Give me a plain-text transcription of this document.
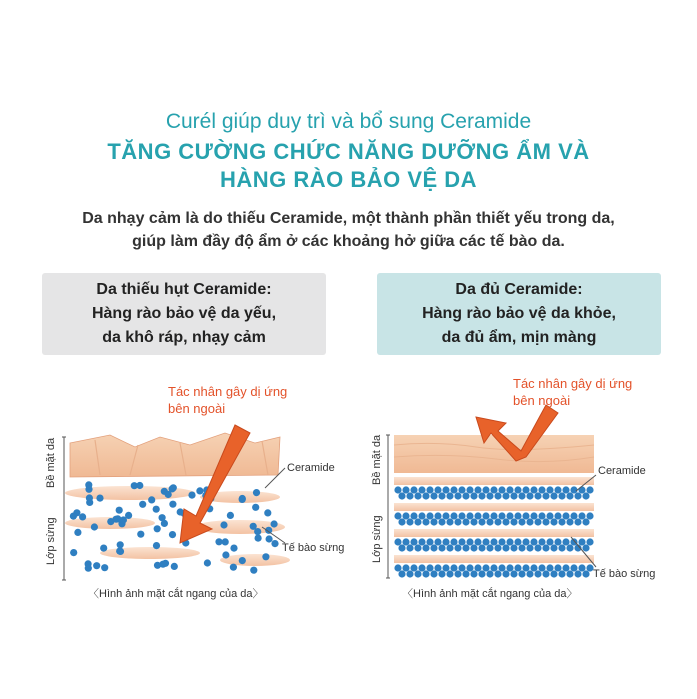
Curél giúp duy trì và bổ sung Ceramide
TĂNG CƯỜNG CHỨC NĂNG DƯỠNG ẨM VÀ
HÀNG RÀO BẢO VỆ DA
Da nhạy cảm là do thiếu Ceramide, một thành phần thiết yếu trong da,
giúp làm đầy độ ẩm ở các khoảng hở giữa các tế bào da.
Da thiếu hụt Ceramide:
Hàng rào bảo vệ da yếu,
da khô ráp, nhạy cảm
Da đủ Ceramide:
Hàng rào bảo vệ da khỏe,
da đủ ẩm, mịn màng
Tác nhân gây dị ứng
bên ngoài
Tác nhân gây dị ứng
bên ngoài
Bề mặt da
Lớp sừng
Ceramide
Tế bào sừng
〈Hình ảnh mặt cắt ngang của da〉
Bề mặt da
Lớp sừng
Ceramide
Tế bào sừng
〈Hình ảnh mặt cắt ngang của da〉
